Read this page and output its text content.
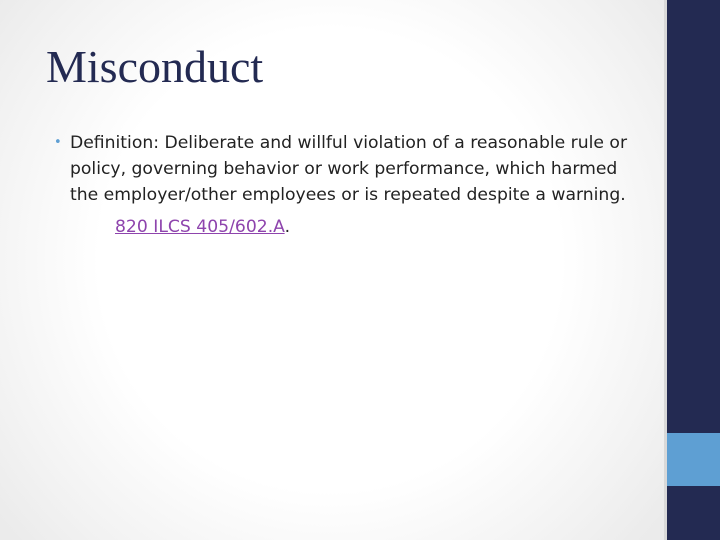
Misconduct

• Definition: Deliberate and willful violation of a reasonable rule or policy, governing behavior or work performance, which harmed the employer/other employees or is repeated despite a warning.

820 ILCS 405/602.A.
